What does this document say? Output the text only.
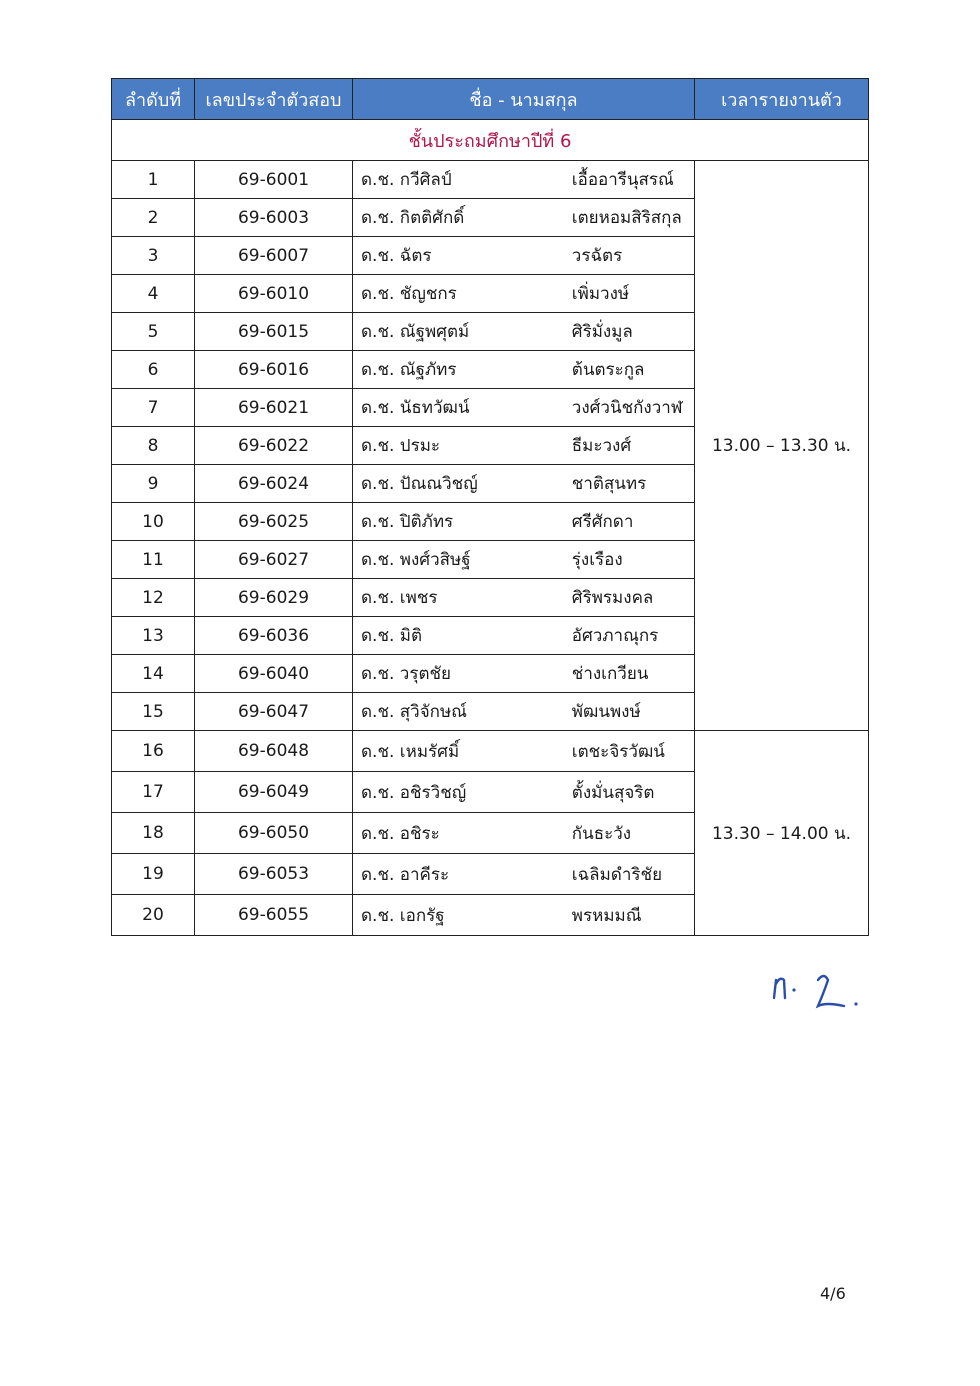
ลำดับที่	เลขประจำตัวสอบ	ชื่อ - นามสกุล	เวลารายงานตัว
ชั้นประถมศึกษาปีที่ 6			
1	69-6001	ด.ช. กวีศิลป์ เอื้ออารีนุสรณ์	13.00 – 13.30 น.
2	69-6003	ด.ช. กิตติศักดิ์ เตยหอมสิริสกุล	
3	69-6007	ด.ช. ฉัตร วรฉัตร	
4	69-6010	ด.ช. ชัญชกร เพิ่มวงษ์	
5	69-6015	ด.ช. ณัฐพศุตม์ ศิริมั่งมูล	
6	69-6016	ด.ช. ณัฐภัทร ต้นตระกูล	
7	69-6021	ด.ช. นัธทวัฒน์ วงศ์วนิชกังวาฬ	
8	69-6022	ด.ช. ปรมะ ธีมะวงศ์	
9	69-6024	ด.ช. ปัณณวิชญ์ ชาติสุนทร	
10	69-6025	ด.ช. ปิติภัทร ศรีศักดา	
11	69-6027	ด.ช. พงศ์วสิษฐ์ รุ่งเรือง	
12	69-6029	ด.ช. เพชร ศิริพรมงคล	
13	69-6036	ด.ช. มิติ อัศวภาณุกร	
14	69-6040	ด.ช. วรุตชัย ช่างเกวียน	
15	69-6047	ด.ช. สุวิจักษณ์ พัฒนพงษ์	
16	69-6048	ด.ช. เหมรัศมิ์ เตชะจิรวัฒน์	13.30 – 14.00 น.
17	69-6049	ด.ช. อชิรวิชญ์ ตั้งมั่นสุจริต	
18	69-6050	ด.ช. อชิระ กันธะวัง	
19	69-6053	ด.ช. อาคีระ เฉลิมดำริชัย	
20	69-6055	ด.ช. เอกรัฐ พรหมมณี	
4/6
